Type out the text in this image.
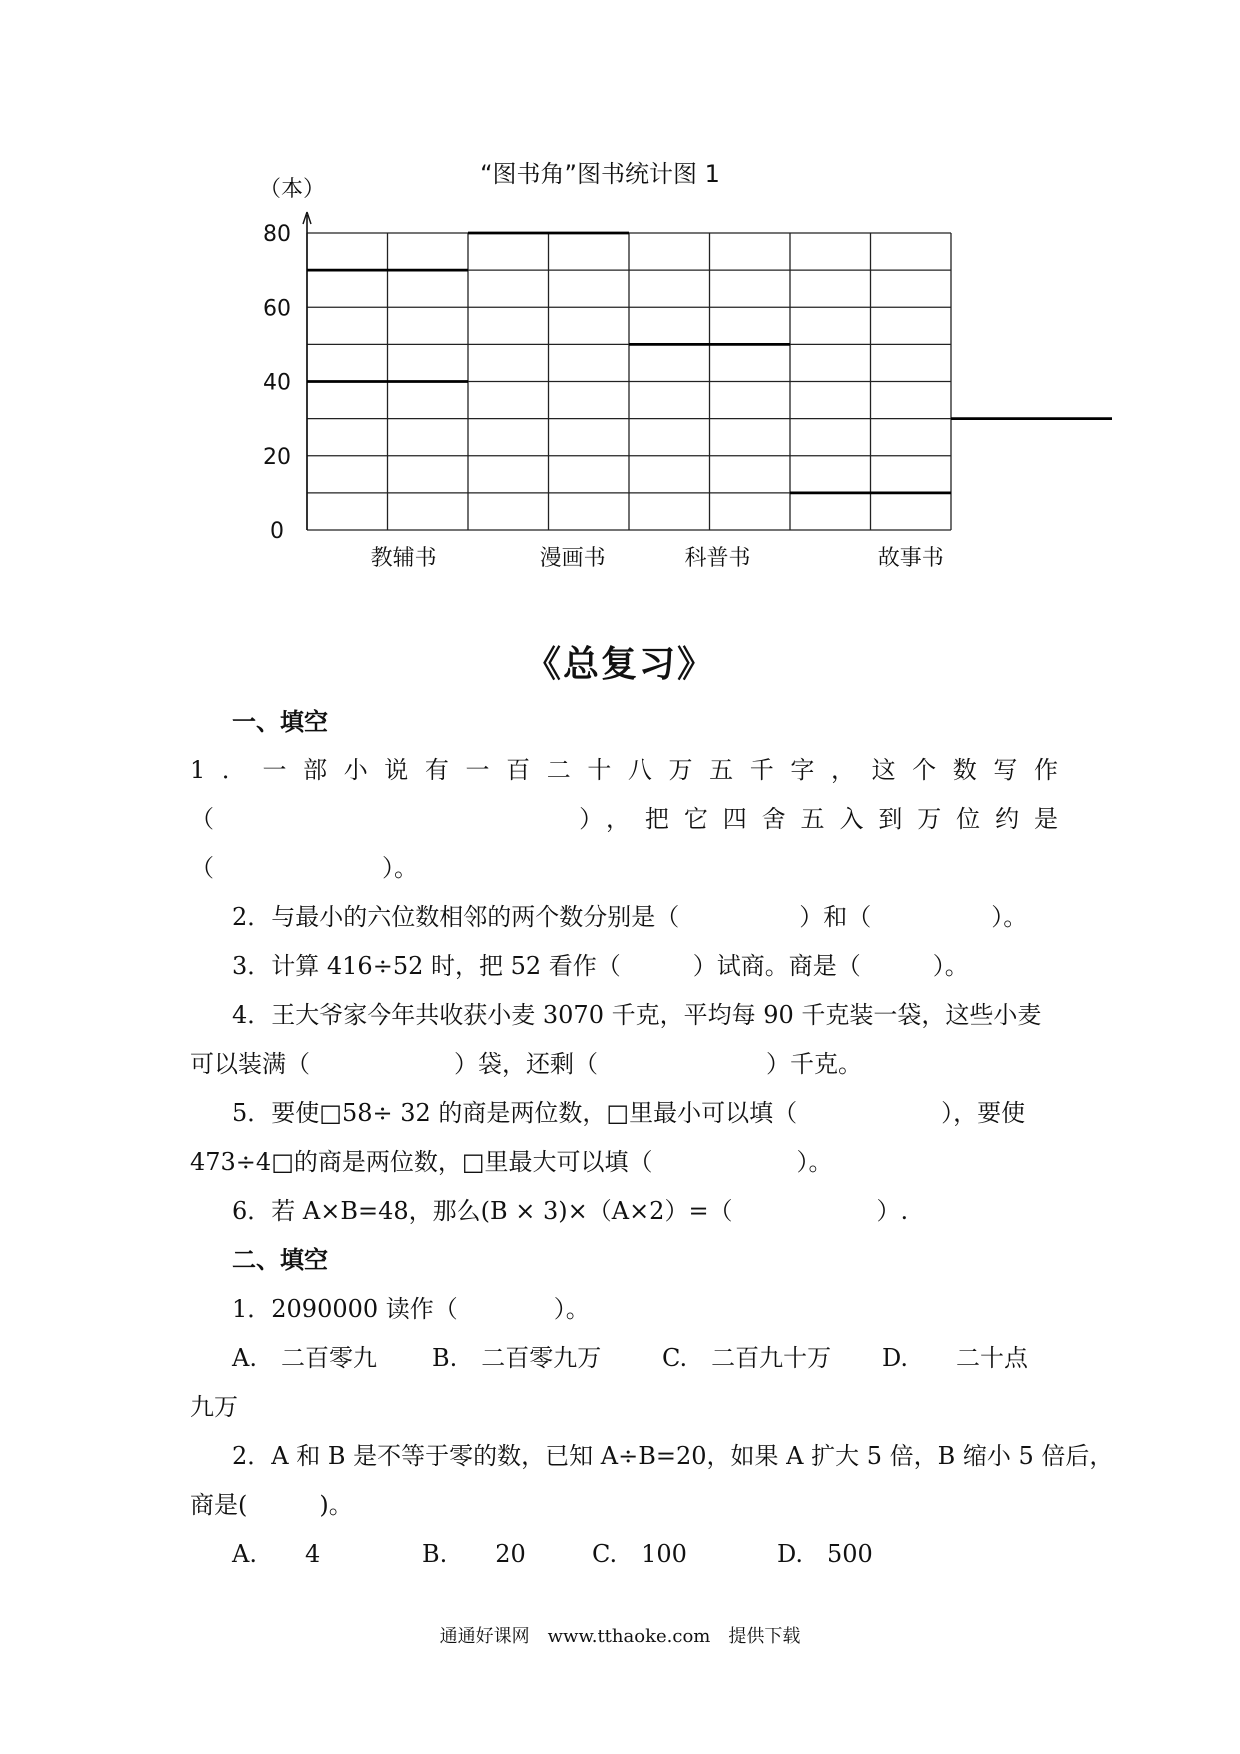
“图书角”图书统计图 1
（本）
0
20
40
60
80
教辅书	漫画书	科普书	故事书
《总复习》
一、填空
1．一部小说有一百二十八万五千字，这个数写作
（　　　　　　　　　），把它四舍五入到万位约是
（　　　　　　　）。
2．与最小的六位数相邻的两个数分别是（　　　　　）和（　　　　　）。
3．计算 416÷52 时，把 52 看作（　　　）试商。商是（　　　）。
4．王大爷家今年共收获小麦 3070 千克，平均每 90 千克装一袋，这些小麦
可以装满（　　　　　　）袋，还剩（　　　　　　　）千克。
5．要使□58÷ 32 的商是两位数，□里最小可以填（　　　　　　），要使
473÷4□的商是两位数，□里最大可以填（　　　　　　）。
6．若 A×B=48，那么(B × 3)×（A×2）=（　　　　　　）.
二、填空
1．2090000 读作（　　　　）。
A.　二百零九 B.　二百零九万	C.　二百九十万 D.　　二十点
九万
2．A 和 B 是不等于零的数，已知 A÷B=20，如果 A 扩大 5 倍，B 缩小 5 倍后，
商是(　　　)。
A.　　4	B.　　20	C.　100	D.　500
通通好课网　www.tthaoke.com　提供下载
